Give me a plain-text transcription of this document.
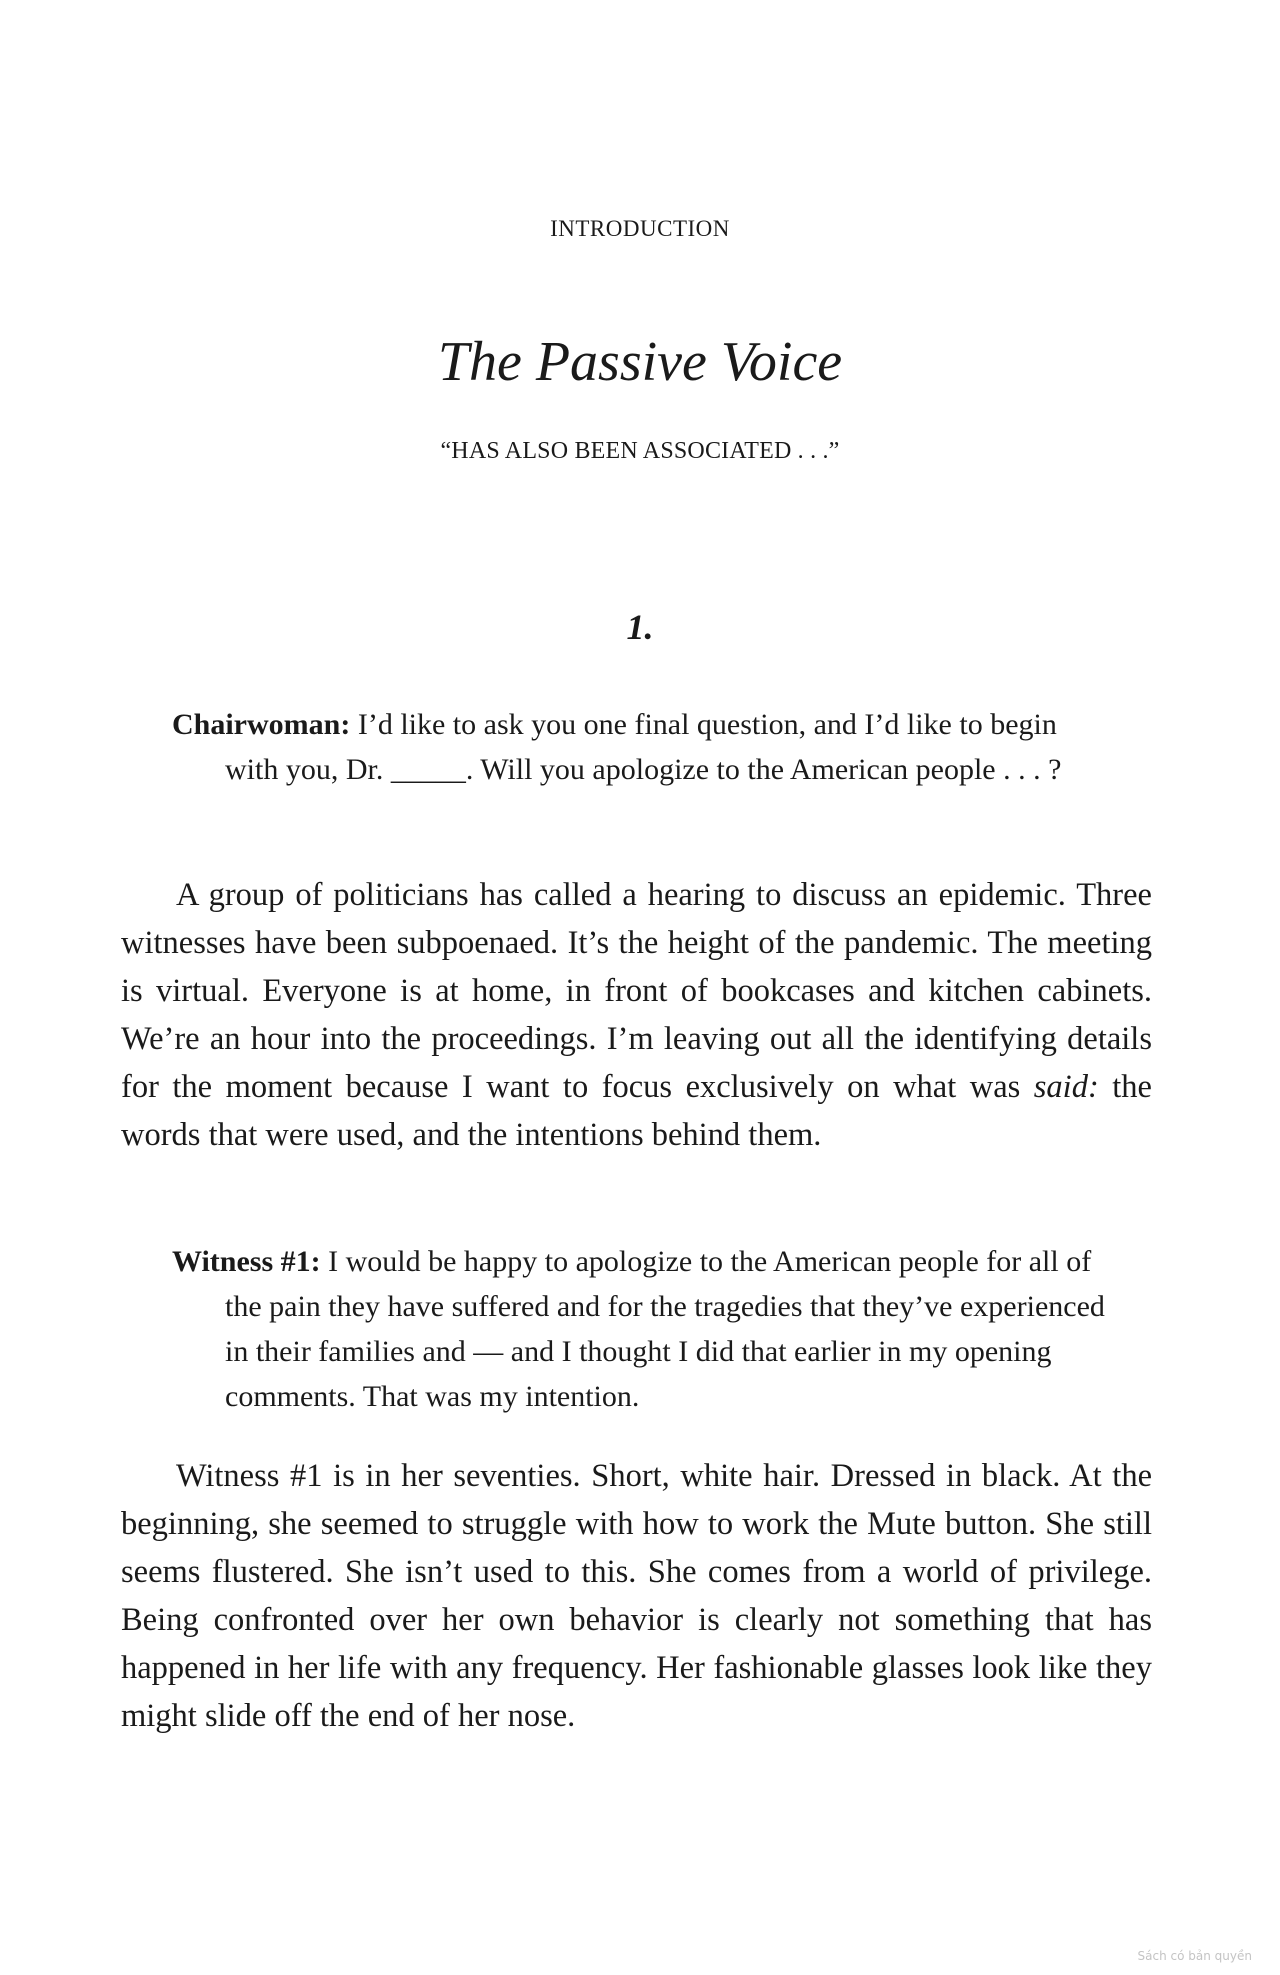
INTRODUCTION
The Passive Voice
“HAS ALSO BEEN ASSOCIATED . . .”
1.
Chairwoman: I’d like to ask you one final question, and I’d like to begin with you, Dr. _____. Will you apologize to the American people . . . ?

A group of politicians has called a hearing to discuss an epidemic. Three witnesses have been subpoenaed. It’s the height of the pandemic. The meeting is virtual. Everyone is at home, in front of bookcases and kitchen cabinets. We’re an hour into the proceedings. I’m leaving out all the identifying details for the moment because I want to focus exclusively on what was said: the words that were used, and the intentions behind them.

Witness #1: I would be happy to apologize to the American people for all of the pain they have suffered and for the tragedies that they’ve experienced in their families and — and I thought I did that earlier in my opening comments. That was my intention.

Witness #1 is in her seventies. Short, white hair. Dressed in black. At the beginning, she seemed to struggle with how to work the Mute button. She still seems flustered. She isn’t used to this. She comes from a world of privilege. Being confronted over her own behavior is clearly not something that has happened in her life with any frequency. Her fashionable glasses look like they might slide off the end of her nose.

Sách có bản quyền
